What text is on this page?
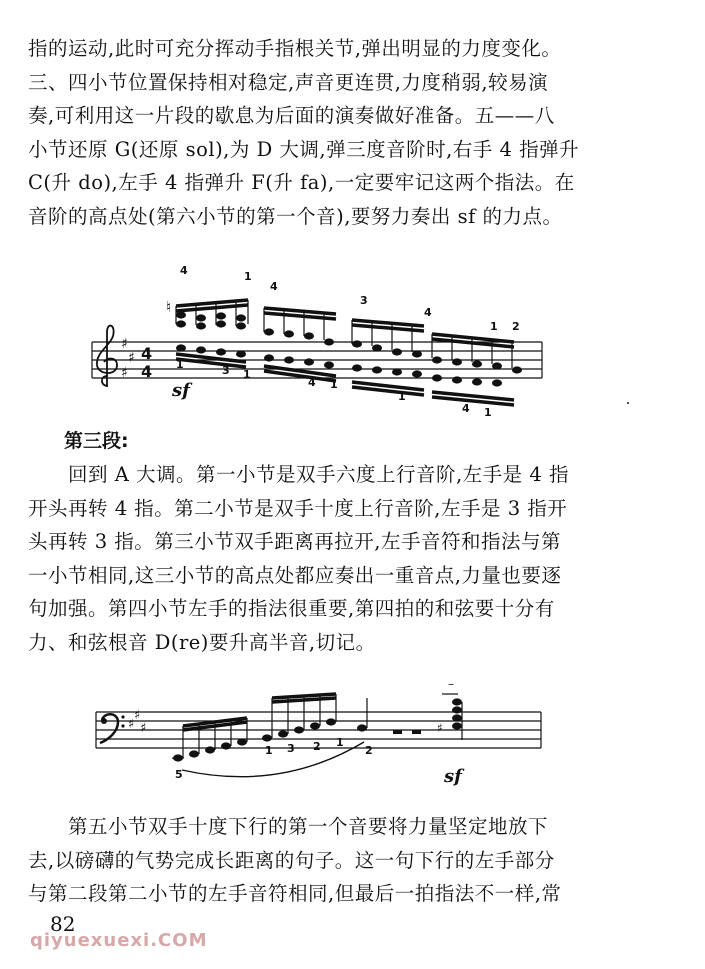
指的运动,此时可充分挥动手指根关节,弹出明显的力度变化。
三、四小节位置保持相对稳定,声音更连贯,力度稍弱,较易演
奏,可利用这一片段的歇息为后面的演奏做好准备。五——八
小节还原 G(还原 sol),为 D 大调,弹三度音阶时,右手 4 指弹升
C(升 do),左手 4 指弹升 F(升 fa),一定要牢记这两个指法。在
音阶的高点处(第六小节的第一个音),要努力奏出 sf 的力点。
♯
♯
♯
4
4
♮
4	1
4
3
4
1 2
1	3 1
4 1
1
4 1
sf

第三段:

回到 A 大调。第一小节是双手六度上行音阶,左手是 4 指
开头再转 4 指。第二小节是双手十度上行音阶,左手是 3 指开
头再转 3 指。第三小节双手距离再拉开,左手音符和指法与第
一小节相同,这三小节的高点处都应奏出一重音点,力量也要逐
句加强。第四小节左手的指法很重要,第四拍的和弦要十分有
力、和弦根音 D(re)要升高半音,切记。
♯
♯
♯	♯
–
5
1 3 2 1
2
sf
第五小节双手十度下行的第一个音要将力量坚定地放下
去,以磅礴的气势完成长距离的句子。这一句下行的左手部分
与第二段第二小节的左手音符相同,但最后一拍指法不一样,常

82

qiyuexuexi.COM
